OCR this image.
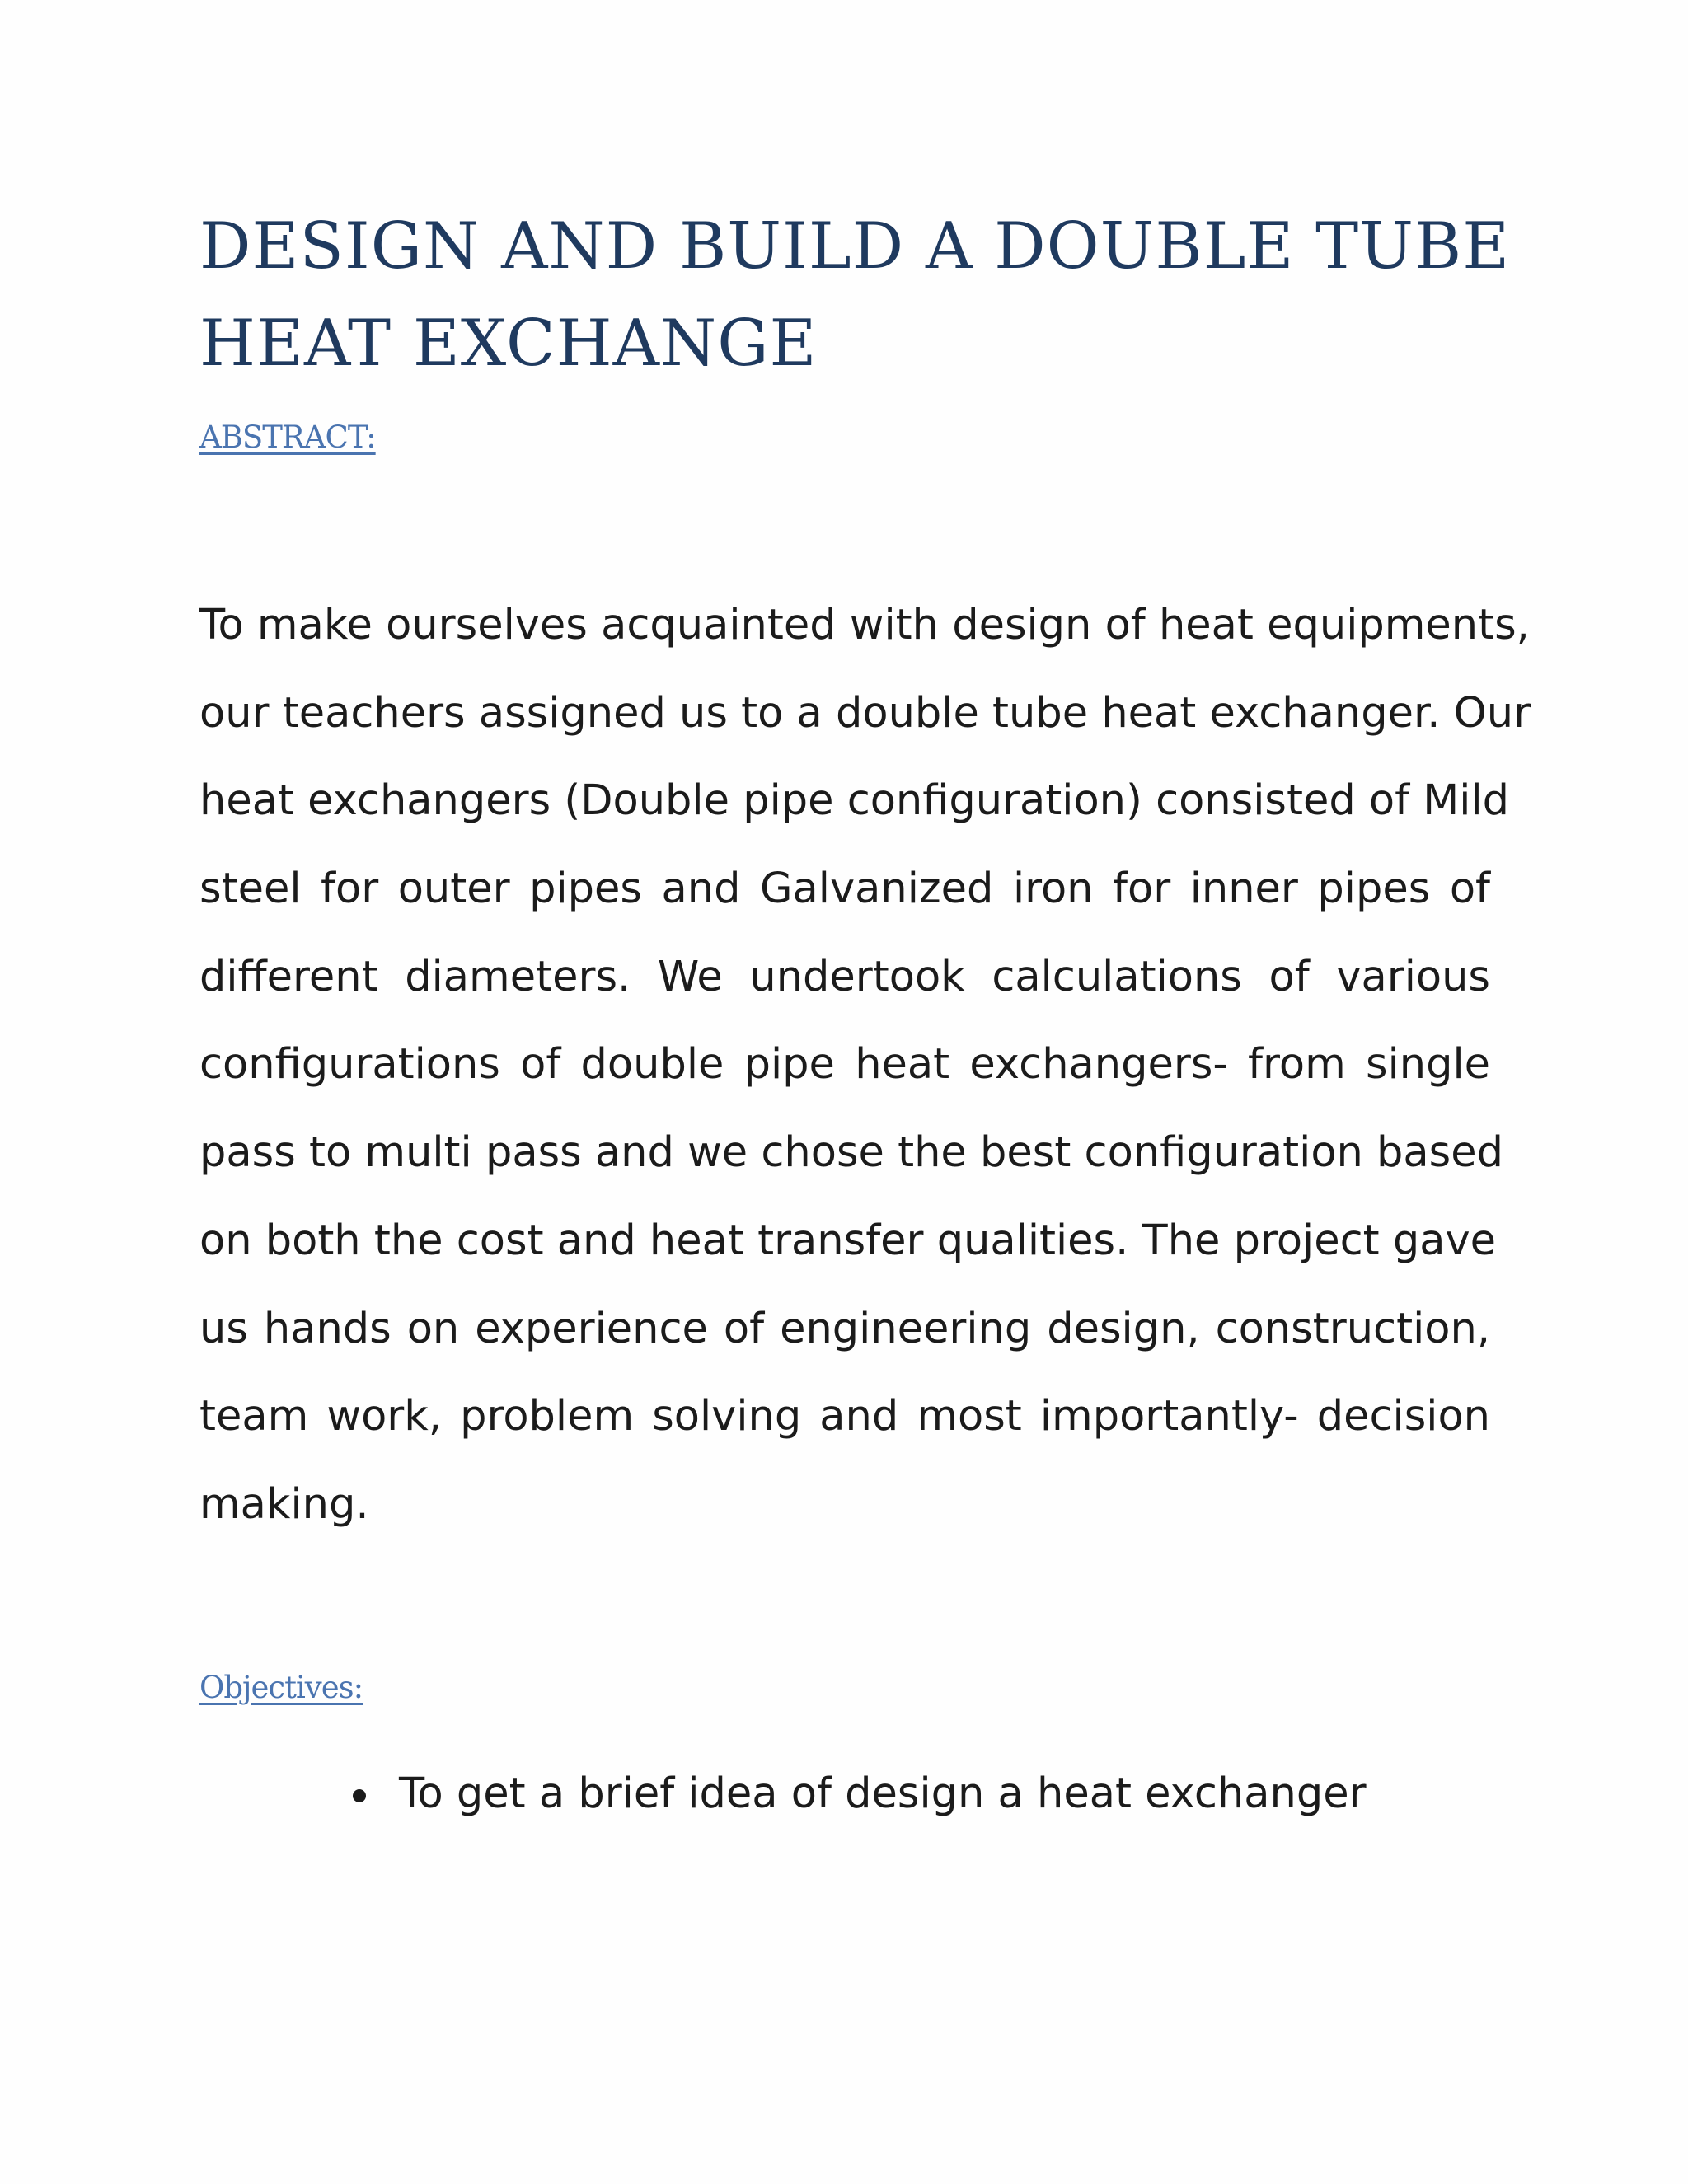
DESIGN AND BUILD A DOUBLE TUBE
HEAT EXCHANGE
ABSTRACT:
To make ourselves acquainted with design of heat equipments,
our teachers assigned us to a double tube heat exchanger. Our
heat exchangers (Double pipe configuration) consisted of Mild
steel for outer pipes and Galvanized iron for inner pipes of
different diameters. We undertook calculations of various
configurations of double pipe heat exchangers- from single
pass to multi pass and we chose the best configuration based
on both the cost and heat transfer qualities. The project gave
us hands on experience of engineering design, construction,
team work, problem solving and most importantly- decision
making.
Objectives:
To get a brief idea of design a heat exchanger
